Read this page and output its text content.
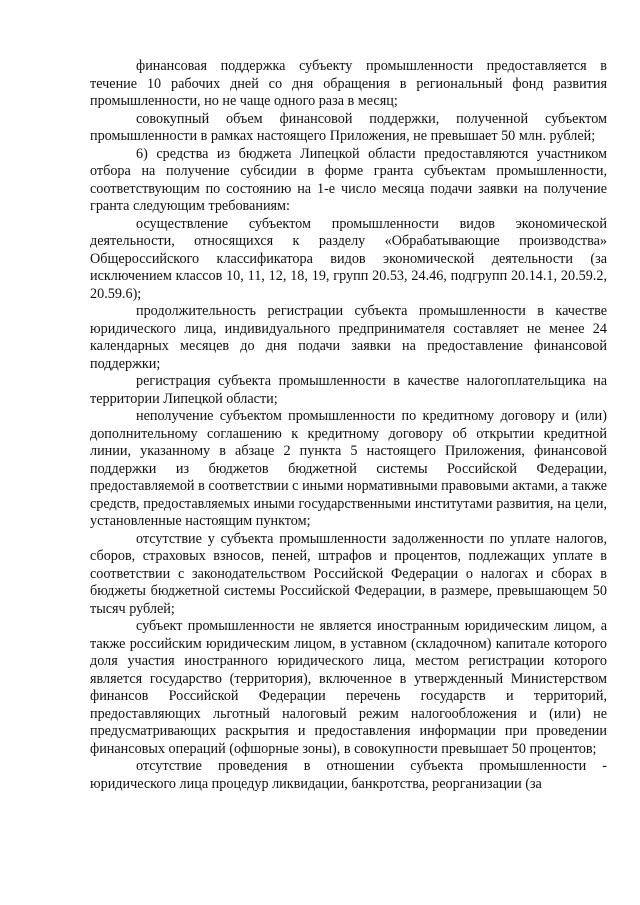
финансовая поддержка субъекту промышленности предоставляется в течение 10 рабочих дней со дня обращения в региональный фонд развития промышленности, но не чаще одного раза в месяц;

совокупный объем финансовой поддержки, полученной субъектом промышленности в рамках настоящего Приложения, не превышает 50 млн. рублей;

6) средства из бюджета Липецкой области предоставляются участником отбора на получение субсидии в форме гранта субъектам промышленности, соответствующим по состоянию на 1-е число месяца подачи заявки на получение гранта следующим требованиям:

осуществление субъектом промышленности видов экономической деятельности, относящихся к разделу «Обрабатывающие производства» Общероссийского классификатора видов экономической деятельности (за исключением классов 10, 11, 12, 18, 19, групп 20.53, 24.46, подгрупп 20.14.1, 20.59.2, 20.59.6);

продолжительность регистрации субъекта промышленности в качестве юридического лица, индивидуального предпринимателя составляет не менее 24 календарных месяцев до дня подачи заявки на предоставление финансовой поддержки;

регистрация субъекта промышленности в качестве налогоплательщика на территории Липецкой области;

неполучение субъектом промышленности по кредитному договору и (или) дополнительному соглашению к кредитному договору об открытии кредитной линии, указанному в абзаце 2 пункта 5 настоящего Приложения, финансовой поддержки из бюджетов бюджетной системы Российской Федерации, предоставляемой в соответствии с иными нормативными правовыми актами, а также средств, предоставляемых иными государственными институтами развития, на цели, установленные настоящим пунктом;

отсутствие у субъекта промышленности задолженности по уплате налогов, сборов, страховых взносов, пеней, штрафов и процентов, подлежащих уплате в соответствии с законодательством Российской Федерации о налогах и сборах в бюджеты бюджетной системы Российской Федерации, в размере, превышающем 50 тысяч рублей;

субъект промышленности не является иностранным юридическим лицом, а также российским юридическим лицом, в уставном (складочном) капитале которого доля участия иностранного юридического лица, местом регистрации которого является государство (территория), включенное в утвержденный Министерством финансов Российской Федерации перечень государств и территорий, предоставляющих льготный налоговый режим налогообложения и (или) не предусматривающих раскрытия и предоставления информации при проведении финансовых операций (офшорные зоны), в совокупности превышает 50 процентов;

отсутствие проведения в отношении субъекта промышленности - юридического лица процедур ликвидации, банкротства, реорганизации (за
